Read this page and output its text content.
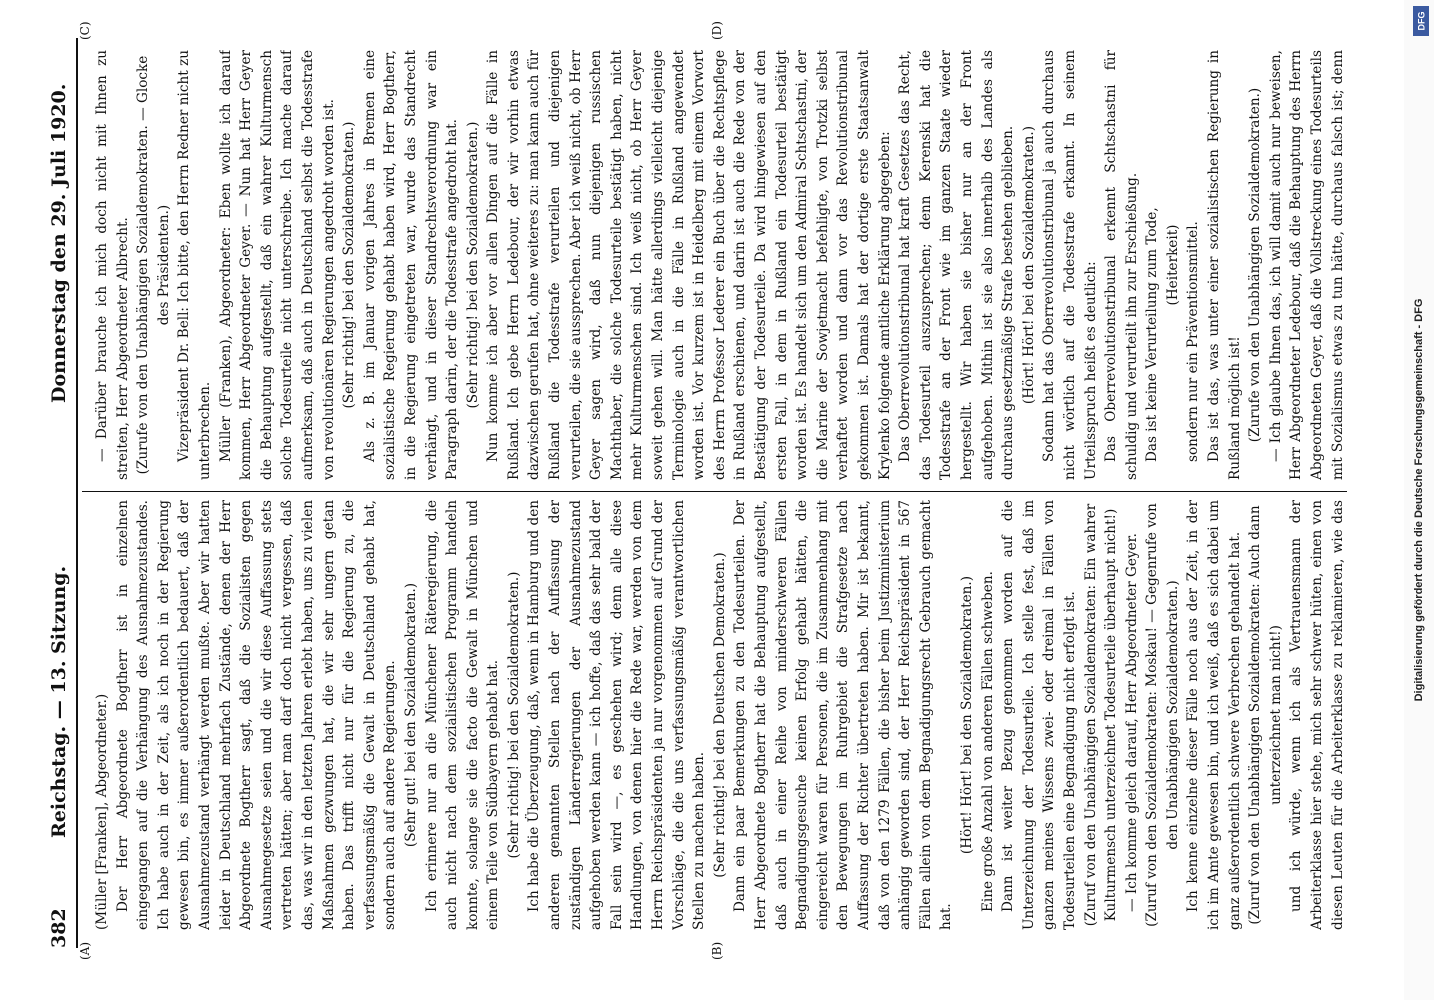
382
Reichstag. — 13. Sitzung.
Donnerstag den 29. Juli 1920.
(A)	(B)
(C)	(D)

(Müller [Franken], Abgeordneter.) Der Herr Abgeordnete Bogtherr ist in einzelnen eingegangen auf die Verhängung des Ausnahmezustandes. Ich habe auch in der Zeit, als ich noch in der Regierung gewesen bin, es immer außerordentlich bedauert, daß der Ausnahmezustand verhängt werden mußte. Aber wir hatten leider in Deutschland mehrfach Zustände, denen der Herr Abgeordnete Bogtherr sagt, daß die Sozialisten gegen Ausnahmegesetze seien und die wir diese Auffassung stets vertreten hätten; aber man darf doch nicht vergessen, daß das, was wir in den letzten Jahren erlebt haben, uns zu vielen Maßnahmen gezwungen hat, die wir sehr ungern getan haben. Das trifft nicht nur für die Regierung zu, die verfassungsmäßig die Gewalt in Deutschland gehabt hat, sondern auch auf andere Regierungen. (Sehr gut! bei den Sozialdemokraten.) Ich erinnere nur an die Münchener Räteregierung, die auch nicht nach dem sozialistischen Programm handeln konnte, solange sie die facto die Gewalt in München und einem Teile von Südbayern gehabt hat. (Sehr richtig! bei den Sozialdemokraten.) Ich habe die Überzeugung, daß, wenn in Hamburg und den anderen genannten Stellen nach der Auffassung der zuständigen Länderregierungen der Ausnahmezustand aufgehoben werden kann — ich hoffe, daß das sehr bald der Fall sein wird —, es geschehen wird; denn alle diese Handlungen, von denen hier die Rede war, werden von dem Herrn Reichspräsidenten ja nur vorgenommen auf Grund der Vorschläge, die die uns verfassungsmäßig verantwortlichen Stellen zu machen haben. (Sehr richtig! bei den Deutschen Demokraten.) Dann ein paar Bemerkungen zu den Todesurteilen. Der Herr Abgeordnete Bogtherr hat die Behauptung aufgestellt, daß auch in einer Reihe von minderschweren Fällen Begnadigungsgesuche keinen Erfolg gehabt hätten, die eingereicht waren für Personen, die im Zusammenhang mit den Bewegungen im Ruhrgebiet die Strafgesetze nach Auffassung der Richter übertreten haben. Mir ist bekannt, daß von den 1279 Fällen, die bisher beim Justizministerium anhängig geworden sind, der Herr Reichspräsident in 567 Fällen allein von dem Begnadigungsrecht Gebrauch gemacht hat.

(Hört! Hört! bei den Sozialdemokraten.) Eine große Anzahl von anderen Fällen schweben. Dann ist weiter Bezug genommen worden auf die Unterzeichnung der Todesurteile. Ich stelle fest, daß im ganzen meines Wissens zwei- oder dreimal in Fällen von Todesurteilen eine Begnadigung nicht erfolgt ist. (Zuruf von den Unabhängigen Sozialdemokraten: Ein wahrer Kulturmensch unterzeichnet Todesurteile überhaupt nicht!) — Ich komme gleich darauf, Herr Abgeordneter Geyer. (Zuruf von den Sozialdemokraten: Moskau! — Gegenrufe von den Unabhängigen Sozialdemokraten.) Ich kenne einzelne dieser Fälle noch aus der Zeit, in der ich im Amte gewesen bin, und ich weiß, daß es sich dabei um ganz außerordentlich schwere Verbrechen gehandelt hat. (Zuruf von den Unabhängigen Sozialdemokraten: Auch dann unterzeichnet man nicht!)

und ich würde, wenn ich als Vertrauensmann der Arbeiterklasse hier stehe, mich sehr schwer hüten, einen von diesen Leuten für die Arbeiterklasse zu reklamieren, wie das

— Darüber brauche ich mich doch nicht mit Ihnen zu streiten, Herr Abgeordneter Albrecht. (Zurufe von den Unabhängigen Sozialdemokraten. — Glocke des Präsidenten.) Vizepräsident Dr. Bell: Ich bitte, den Herrn Redner nicht zu unterbrechen. Müller (Franken), Abgeordneter: Eben wollte ich darauf kommen, Herr Abgeordneter Geyer. — Nun hat Herr Geyer die Behauptung aufgestellt, daß ein wahrer Kulturmensch solche Todesurteile nicht unterschreibe. Ich mache darauf aufmerksam, daß auch in Deutschland selbst die Todesstrafe von revolutionären Regierungen angedroht worden ist. (Sehr richtig! bei den Sozialdemokraten.) Als z. B. im Januar vorigen Jahres in Bremen eine sozialistische Regierung gehabt haben wird, Herr Bogtherr, in die Regierung eingetreten war, wurde das Standrecht verhängt, und in dieser Standrechtsverordnung war ein Paragraph darin, der die Todesstrafe angedroht hat. (Sehr richtig! bei den Sozialdemokraten.) Nun komme ich aber vor allen Dingen auf die Fälle in Rußland. Ich gebe Herrn Ledebour, der wir vorhin etwas dazwischen gerufen hat, ohne weiteres zu: man kann auch für Rußland die Todesstrafe verurteilen und diejenigen verurteilen, die sie aussprechen. Aber ich weiß nicht, ob Herr Geyer sagen wird, daß nun diejenigen russischen Machthaber, die solche Todesurteile bestätigt haben, nicht mehr Kulturmenschen sind. Ich weiß nicht, ob Herr Geyer soweit gehen will. Man hätte allerdings vielleicht diejenige Terminologie auch in die Fälle in Rußland angewendet worden ist. Vor kurzem ist in Heidelberg mit einem Vorwort des Herrn Professor Lederer ein Buch über die Rechtspflege in Rußland erschienen, und darin ist auch die Rede von der Bestätigung der Todesurteile. Da wird hingewiesen auf den ersten Fall, in dem in Rußland ein Todesurteil bestätigt worden ist. Es handelt sich um den Admiral Schtschastni, der die Marine der Sowjetmacht befehligte, von Trotzki selbst verhaftet worden und dann vor das Revolutionstribunal gekommen ist. Damals hat der dortige erste Staatsanwalt Krylenko folgende amtliche Erklärung abgegeben: Das Oberrevolutionstribunal hat kraft Gesetzes das Recht, das Todesurteil auszusprechen; denn Kerenski hat die Todesstrafe an der Front wie im ganzen Staate wieder hergestellt. Wir haben sie bisher nur an der Front aufgehoben. Mithin ist sie also innerhalb des Landes als durchaus gesetzmäßige Strafe bestehen geblieben. (Hört! Hört! bei den Sozialdemokraten.) Sodann hat das Oberrevolutionstribunal ja auch durchaus nicht wörtlich auf die Todesstrafe erkannt. In seinem Urteilsspruch heißt es deutlich: Das Oberrevolutionstribunal erkennt Schtschastni für schuldig und verurteilt ihn zur Erschießung. Das ist keine Verurteilung zum Tode, (Heiterkeit) sondern nur ein Präventionsmittel. Das ist das, was unter einer sozialistischen Regierung in Rußland möglich ist! (Zurufe von den Unabhängigen Sozialdemokraten.)

— Ich glaube Ihnen das, ich will damit auch nur beweisen, Herr Abgeordneter Ledebour, daß die Behauptung des Herrn Abgeordneten Geyer, daß die Vollstreckung eines Todesurteils mit Sozialismus etwas zu tun hätte, durchaus falsch ist; denn

Digitalisierung gefördert durch die Deutsche Forschungsgemeinschaft - DFG
DFG
